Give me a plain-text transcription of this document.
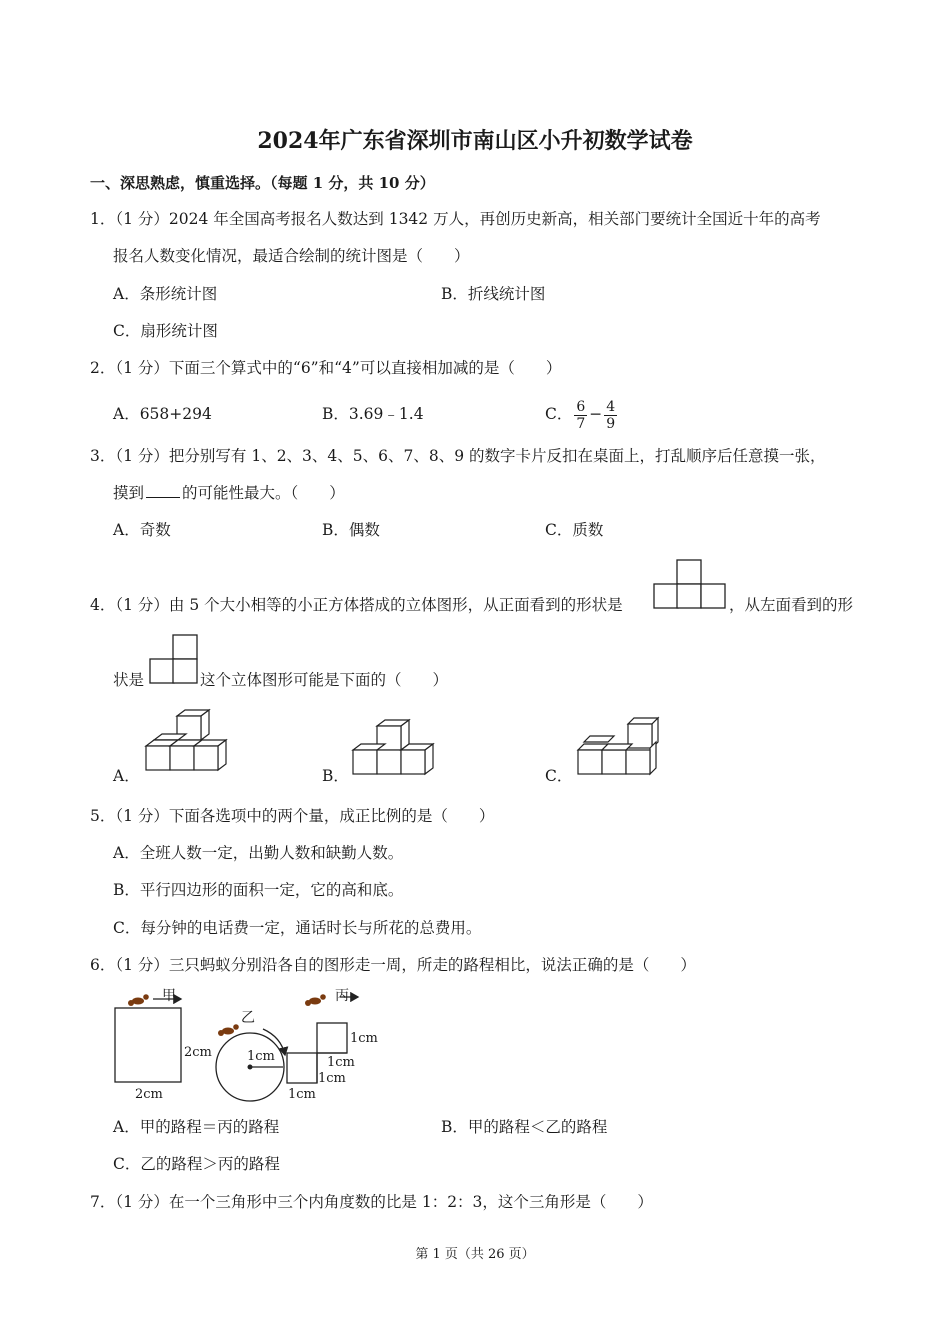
2024年广东省深圳市南山区小升初数学试卷
一、深思熟虑，慎重选择。（每题 1 分，共 10 分）
1．（1 分）2024 年全国高考报名人数达到 1342 万人，再创历史新高，相关部门要统计全国近十年的高考
报名人数变化情况，最适合绘制的统计图是（　　）
A．条形统计图	B．折线统计图
C．扇形统计图
2．（1 分）下面三个算式中的“6”和“4”可以直接相加减的是（　　）
A．658+294	B．3.69﹣1.4	C． $\frac{6}{7} - \frac{4}{9}$
3．（1 分）把分别写有 1、2、3、4、5、6、7、8、9 的数字卡片反扣在桌面上，打乱顺序后任意摸一张，
摸到 的可能性最大。（　　）
A．奇数	B．偶数	C．质数
4．（1 分）由 5 个大小相等的小正方体搭成的立体图形，从正面看到的形状是	，从左面看到的形
状是	这个立体图形可能是下面的（　　）
A．	B．	C．
5．（1 分）下面各选项中的两个量，成正比例的是（　　）
A．全班人数一定，出勤人数和缺勤人数。
B．平行四边形的面积一定，它的高和底。
C．每分钟的电话费一定，通话时长与所花的总费用。
6．（1 分）三只蚂蚁分别沿各自的图形走一周，所走的路程相比，说法正确的是（　　）
甲
乙
丙
2cm
2cm
1cm
1cm
1cm
1cm
1cm
A．甲的路程＝丙的路程	B．甲的路程＜乙的路程
C．乙的路程＞丙的路程
7．（1 分）在一个三角形中三个内角度数的比是 1：2：3，这个三角形是（　　）
第 1 页（共 26 页）
